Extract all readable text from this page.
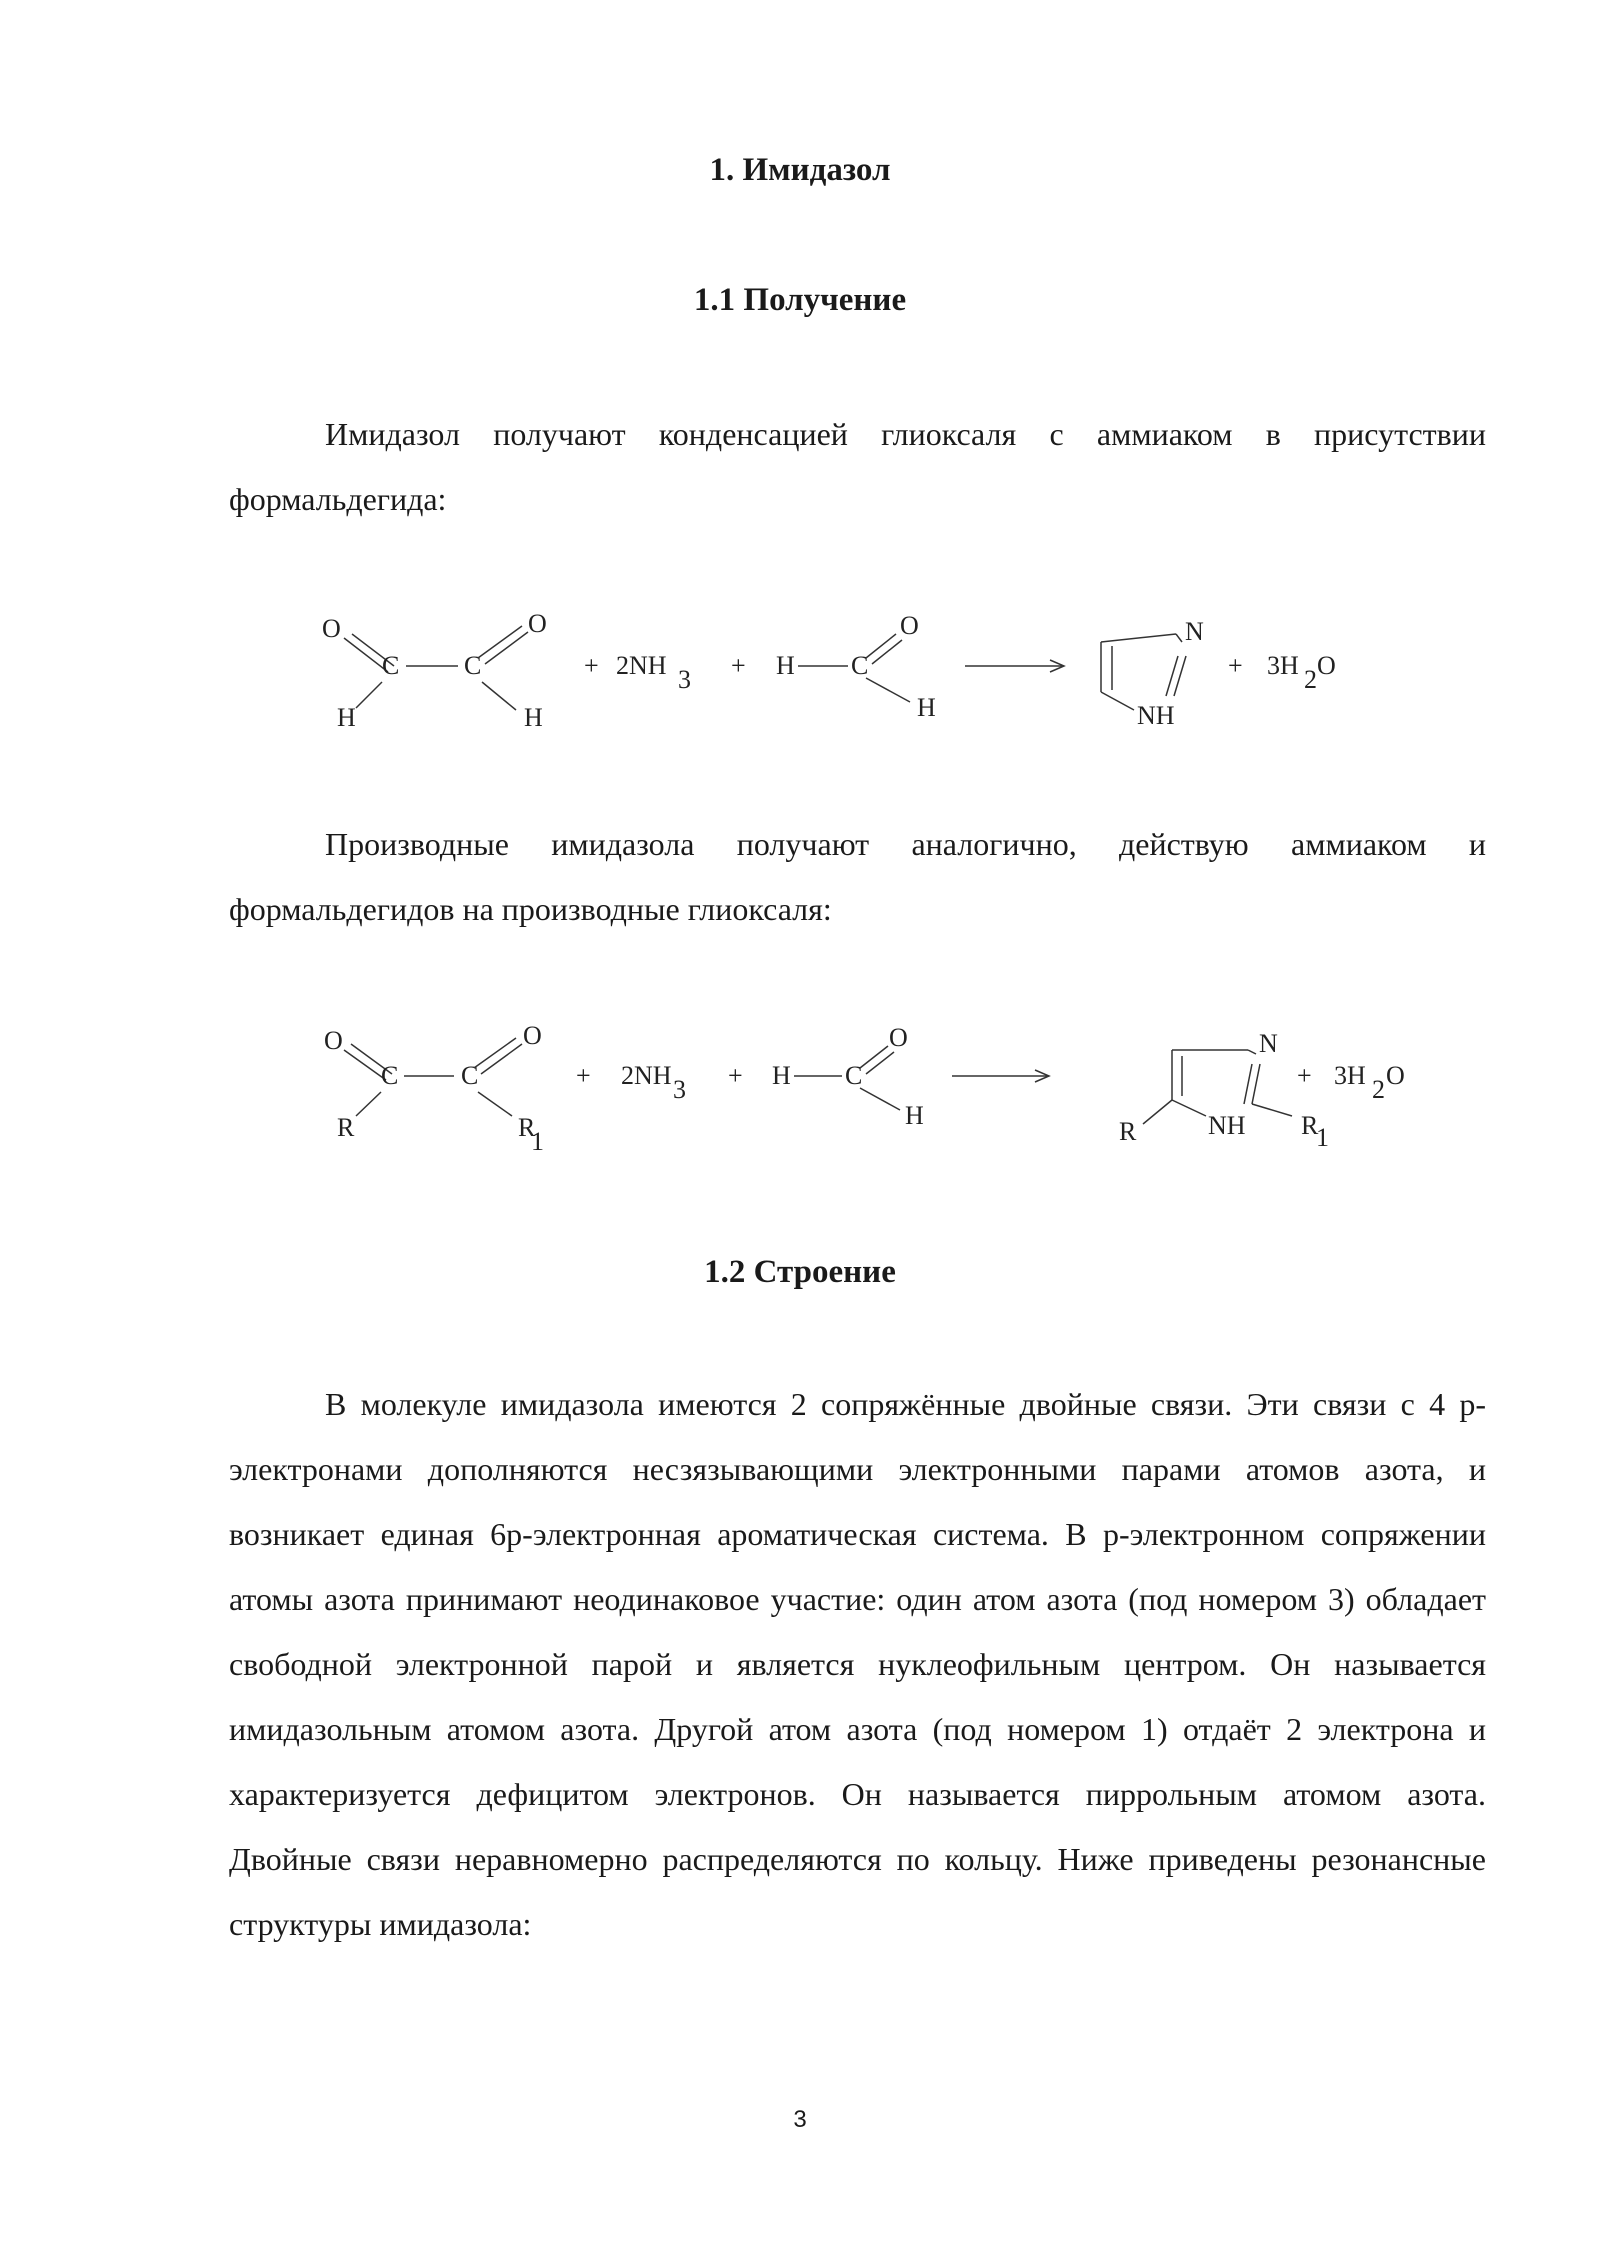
1. Имидазол
1.1 Получение

Имидазол получают конденсацией глиоксаля с аммиаком в присутствии формальдегида:

O
C C
O
H	H
+ 2NH 3 + H C
O
H
N
NH
+ 3H 2 O

Производные имидазола получают аналогично, действую аммиаком и формальдегидов на производные глиоксаля:

O
C C
O
R	R
1
+ 2NH 3 + H C
O
H
N
NH
R	R
1
+ 3H 2 O
1.2 Строение

В молекуле имидазола имеются 2 сопряжённые двойные связи. Эти связи с 4 р-электронами дополняются несзязывающими электронными парами атомов азота, и возникает единая 6р-электронная ароматическая система. В р-электронном сопряжении атомы азота принимают неодинаковое участие: один атом азота (под номером 3) обладает свободной электронной парой и является нуклеофильным центром. Он называется имидазольным атомом азота. Другой атом азота (под номером 1) отдаёт 2 электрона и характеризуется дефицитом электронов. Он называется пиррольным атомом азота. Двойные связи неравномерно распределяются по кольцу. Ниже приведены резонансные структуры имидазола:

3
